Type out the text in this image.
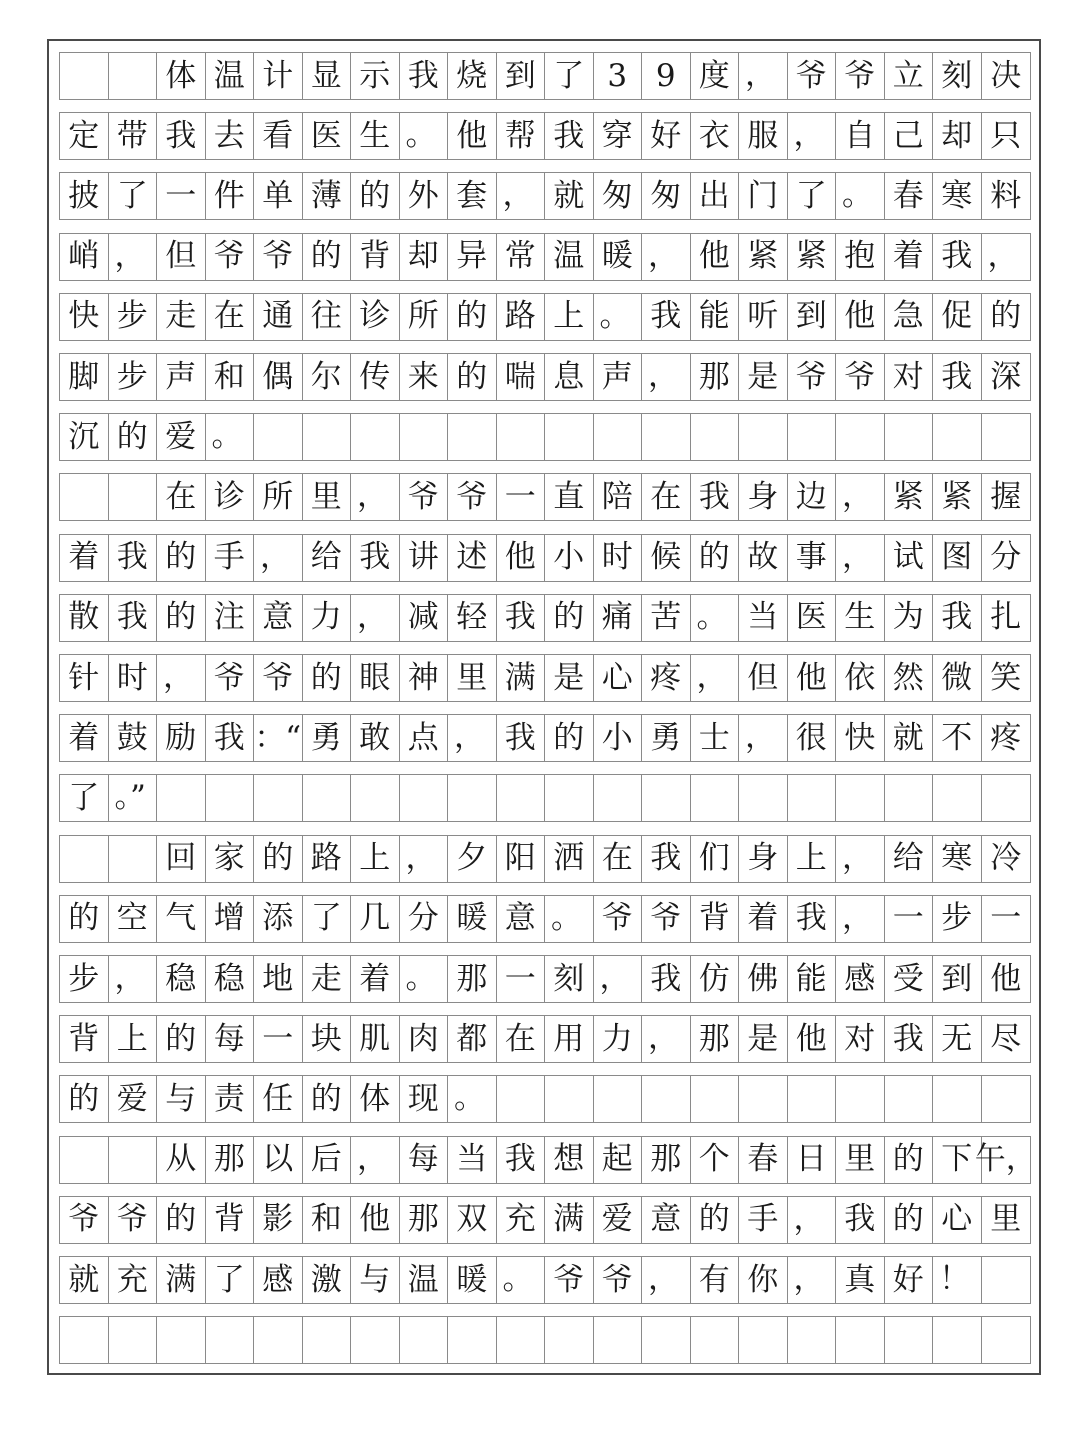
体 温 计 显 示 我 烧 到 了 3 9 度 ， 爷 爷 立 刻 决
定 带 我 去 看 医 生 。 他 帮 我 穿 好 衣 服 ， 自 己 却 只
披 了 一 件 单 薄 的 外 套 ， 就 匆 匆 出 门 了 。 春 寒 料
峭 ， 但 爷 爷 的 背 却 异 常 温 暖 ， 他 紧 紧 抱 着 我 ，
快 步 走 在 通 往 诊 所 的 路 上 。 我 能 听 到 他 急 促 的
脚 步 声 和 偶 尔 传 来 的 喘 息 声 ， 那 是 爷 爷 对 我 深
沉 的 爱 。
在 诊 所 里 ， 爷 爷 一 直 陪 在 我 身 边 ， 紧 紧 握
着 我 的 手 ， 给 我 讲 述 他 小 时 候 的 故 事 ， 试 图 分
散 我 的 注 意 力 ， 减 轻 我 的 痛 苦 。 当 医 生 为 我 扎
针 时 ， 爷 爷 的 眼 神 里 满 是 心 疼 ， 但 他 依 然 微 笑
着 鼓 励 我 ：“ 勇 敢 点 ， 我 的 小 勇 士 ， 很 快 就 不 疼
了 。”
回 家 的 路 上 ， 夕 阳 洒 在 我 们 身 上 ， 给 寒 冷
的 空 气 增 添 了 几 分 暖 意 。 爷 爷 背 着 我 ， 一 步 一
步 ， 稳 稳 地 走 着 。 那 一 刻 ， 我 仿 佛 能 感 受 到 他
背 上 的 每 一 块 肌 肉 都 在 用 力 ， 那 是 他 对 我 无 尽
的 爱 与 责 任 的 体 现 。
从 那 以 后 ， 每 当 我 想 起 那 个 春 日 里 的 下 午，
爷 爷 的 背 影 和 他 那 双 充 满 爱 意 的 手 ， 我 的 心 里
就 充 满 了 感 激 与 温 暖 。 爷 爷 ， 有 你 ， 真 好 ！
